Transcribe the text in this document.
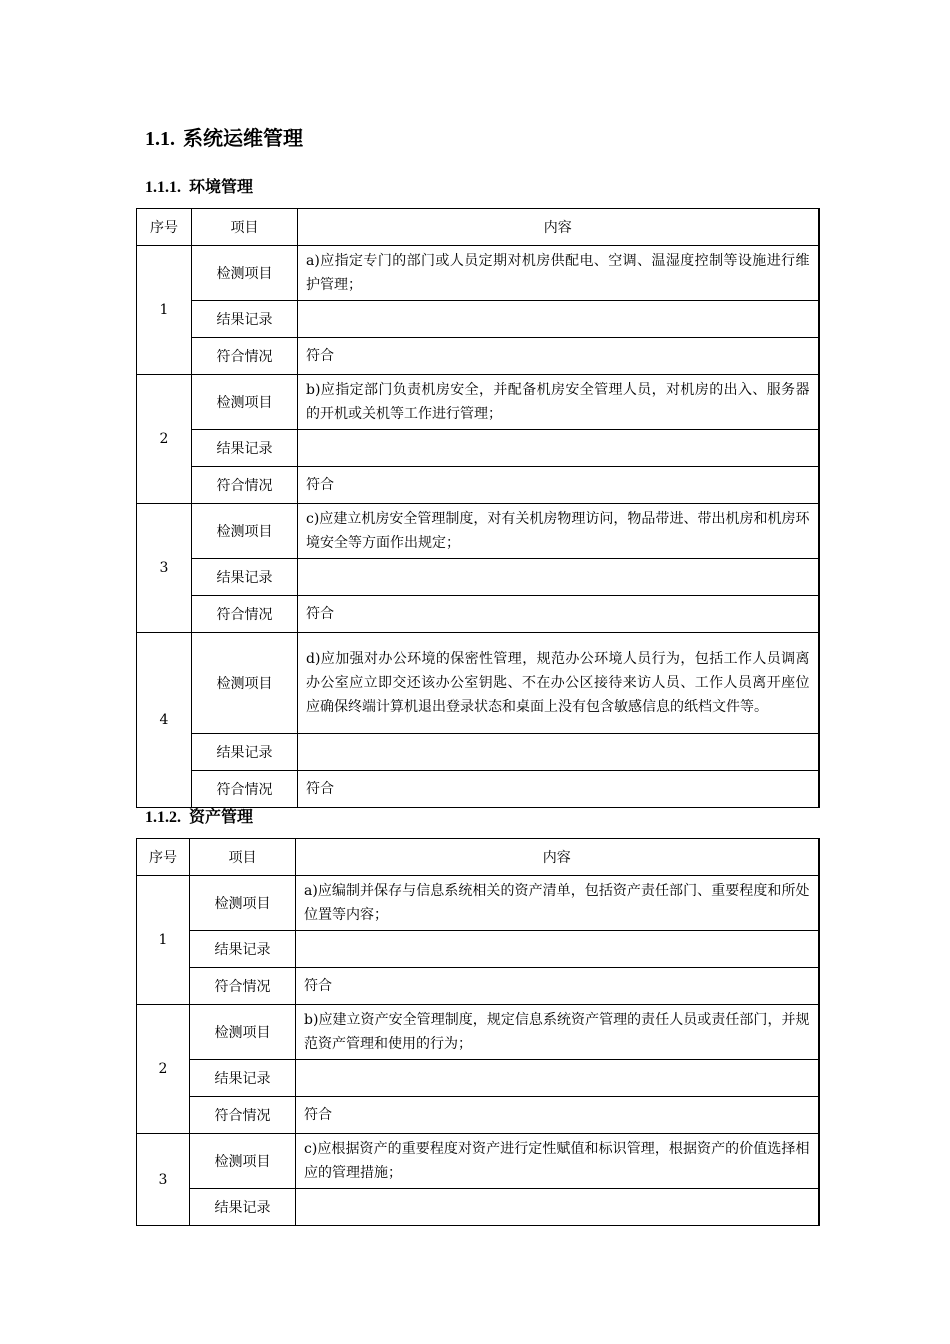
1.1. 系统运维管理
1.1.1. 环境管理
序号	项目	内容
1	检测项目	a)应指定专门的部门或人员定期对机房供配电、空调、温湿度控制等设施进行维护管理；
	结果记录	
	符合情况	符合
2	检测项目	b)应指定部门负责机房安全，并配备机房安全管理人员，对机房的出入、服务器的开机或关机等工作进行管理；
	结果记录	
	符合情况	符合
3	检测项目	c)应建立机房安全管理制度，对有关机房物理访问，物品带进、带出机房和机房环境安全等方面作出规定；
	结果记录	
	符合情况	符合
4	检测项目	d)应加强对办公环境的保密性管理，规范办公环境人员行为，包括工作人员调离办公室应立即交还该办公室钥匙、不在办公区接待来访人员、工作人员离开座位应确保终端计算机退出登录状态和桌面上没有包含敏感信息的纸档文件等。
	结果记录	
	符合情况	符合
1.1.2. 资产管理
序号	项目	内容
1	检测项目	a)应编制并保存与信息系统相关的资产清单，包括资产责任部门、重要程度和所处位置等内容；
	结果记录	
	符合情况	符合
2	检测项目	b)应建立资产安全管理制度，规定信息系统资产管理的责任人员或责任部门，并规范资产管理和使用的行为；
	结果记录	
	符合情况	符合
3	检测项目	c)应根据资产的重要程度对资产进行定性赋值和标识管理，根据资产的价值选择相应的管理措施；
	结果记录	
